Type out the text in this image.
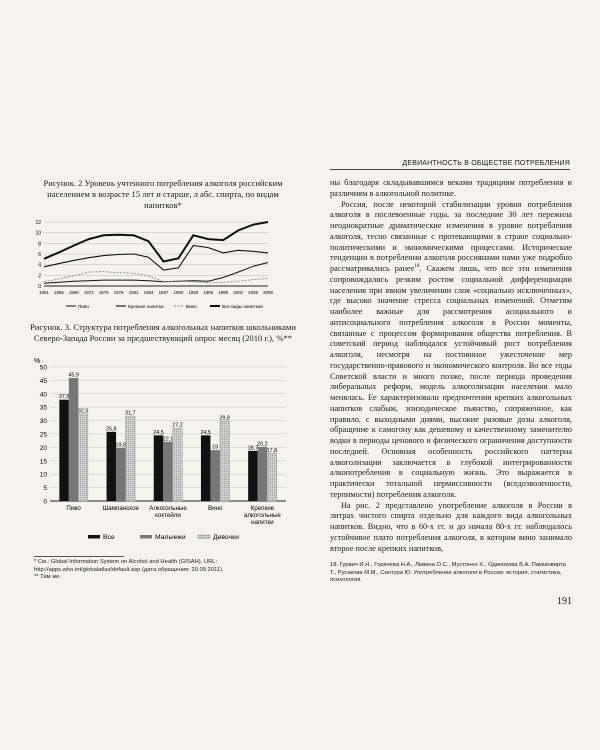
ДЕВИАНТНОСТЬ В ОБЩЕСТВЕ ПОТРЕБЛЕНИЯ
Рисунок. 2 Уровень учтенного потребления алкоголя российским населением в возрасте 15 лет и старше, л абс. спирта, по видам напитков*
0
2
4
6
8
10
12
1961 1966 1969 1972 1975 1978 1981 1984 1987 1990 1993 1996 1999 2002 2005 2008
Пиво	Крепкие напитки	Вино	Все виды напитков
Рисунок. 3. Структура потребления алкогольных напитков школьниками Северо-Запада России за предшествующий опрос месяц (2010 г.), %**
%
0
5
10
15
20
25
30
35
40
45
50
37,8
25,8
24,5	24,5
18,7
45,9
19,8
22,1
19
20,2
32,5	31,7
27,2
29,8
17,8
Пиво	Шампанское Алкогольные
коктейли
Вино	Крепкие
алкогольные
напитки
Все	Мальчики	Девочки
* См.: Global Information System on Alcohol and Health (GISAH), URL: http://apps.who.int/globalatlas/default.asp (дата обращения: 20.09.2011).
** Там же.

ны благодаря складывавшимся веками традициям потребления и различиям в алкогольной политике.

Россия, после некоторой стабилизации уровня потребления алкоголя в послевоенные годы, за последние 30 лет пережила неоднократные драматические изменения в уровне потребления алкоголя, тесно связанные с протекающими в стране социально-политическими и экономическими процессами. Исторические тенденции в потреблении алкоголя россиянами нами уже подробно рассматривались ранее$^{18}$. Скажем лишь, что все эти изменения сопровождались резким ростом социальной дифференциации населения при явном увеличении слоя «социально исключенных», где высоко значение стресса социальных изменений. Отметим наиболее важные для рассмотрения асоциального и антисоциального потребления алкоголя в России моменты, связанные с процессом формирования общества потребления. В советский период наблюдался устойчивый рост потребления алкоголя, несмотря на постоянное ужесточение мер государственно-правового и экономического контроля. Во все годы Советской власти и много позже, после периода проведения либеральных реформ, модель алкоголизации населения мало менялась. Ее характеризовали предпочтения крепких алкогольных напитков слабым, эпизодическое пьянство, сопряженное, как правило, с выходными днями, высокие разовые дозы алкоголя, обращение к самогону как дешевому и качественному заменителю водки в периоды ценового и физического ограничения доступности последней. Основная особенность российского паттерна алкоголизации заключается в глубокой интегрированности алкопотребления в социальную жизнь. Это выражается в практически тотальной пермиссивности (вседозволенности, терпимости) потребления алкоголя.

На рис. 2 представлено употребление алкоголя в России в литрах чистого спирта отдельно для каждого вида алкогольных напитков. Видно, что в 60-х гг. и до начала 80-х гг. наблюдалось устойчивое плато потребления алкоголя, в котором вино занимало второе после крепких напитков,

18. Гурвич И.Н., Горячева Н.А., Левина О.С., Мустонен Х., Одинокова В.А. Пакканвирта Т., Русакова М.М., Синтура Ю. Употребление алкоголя в России: история, статистика, психология.
191
